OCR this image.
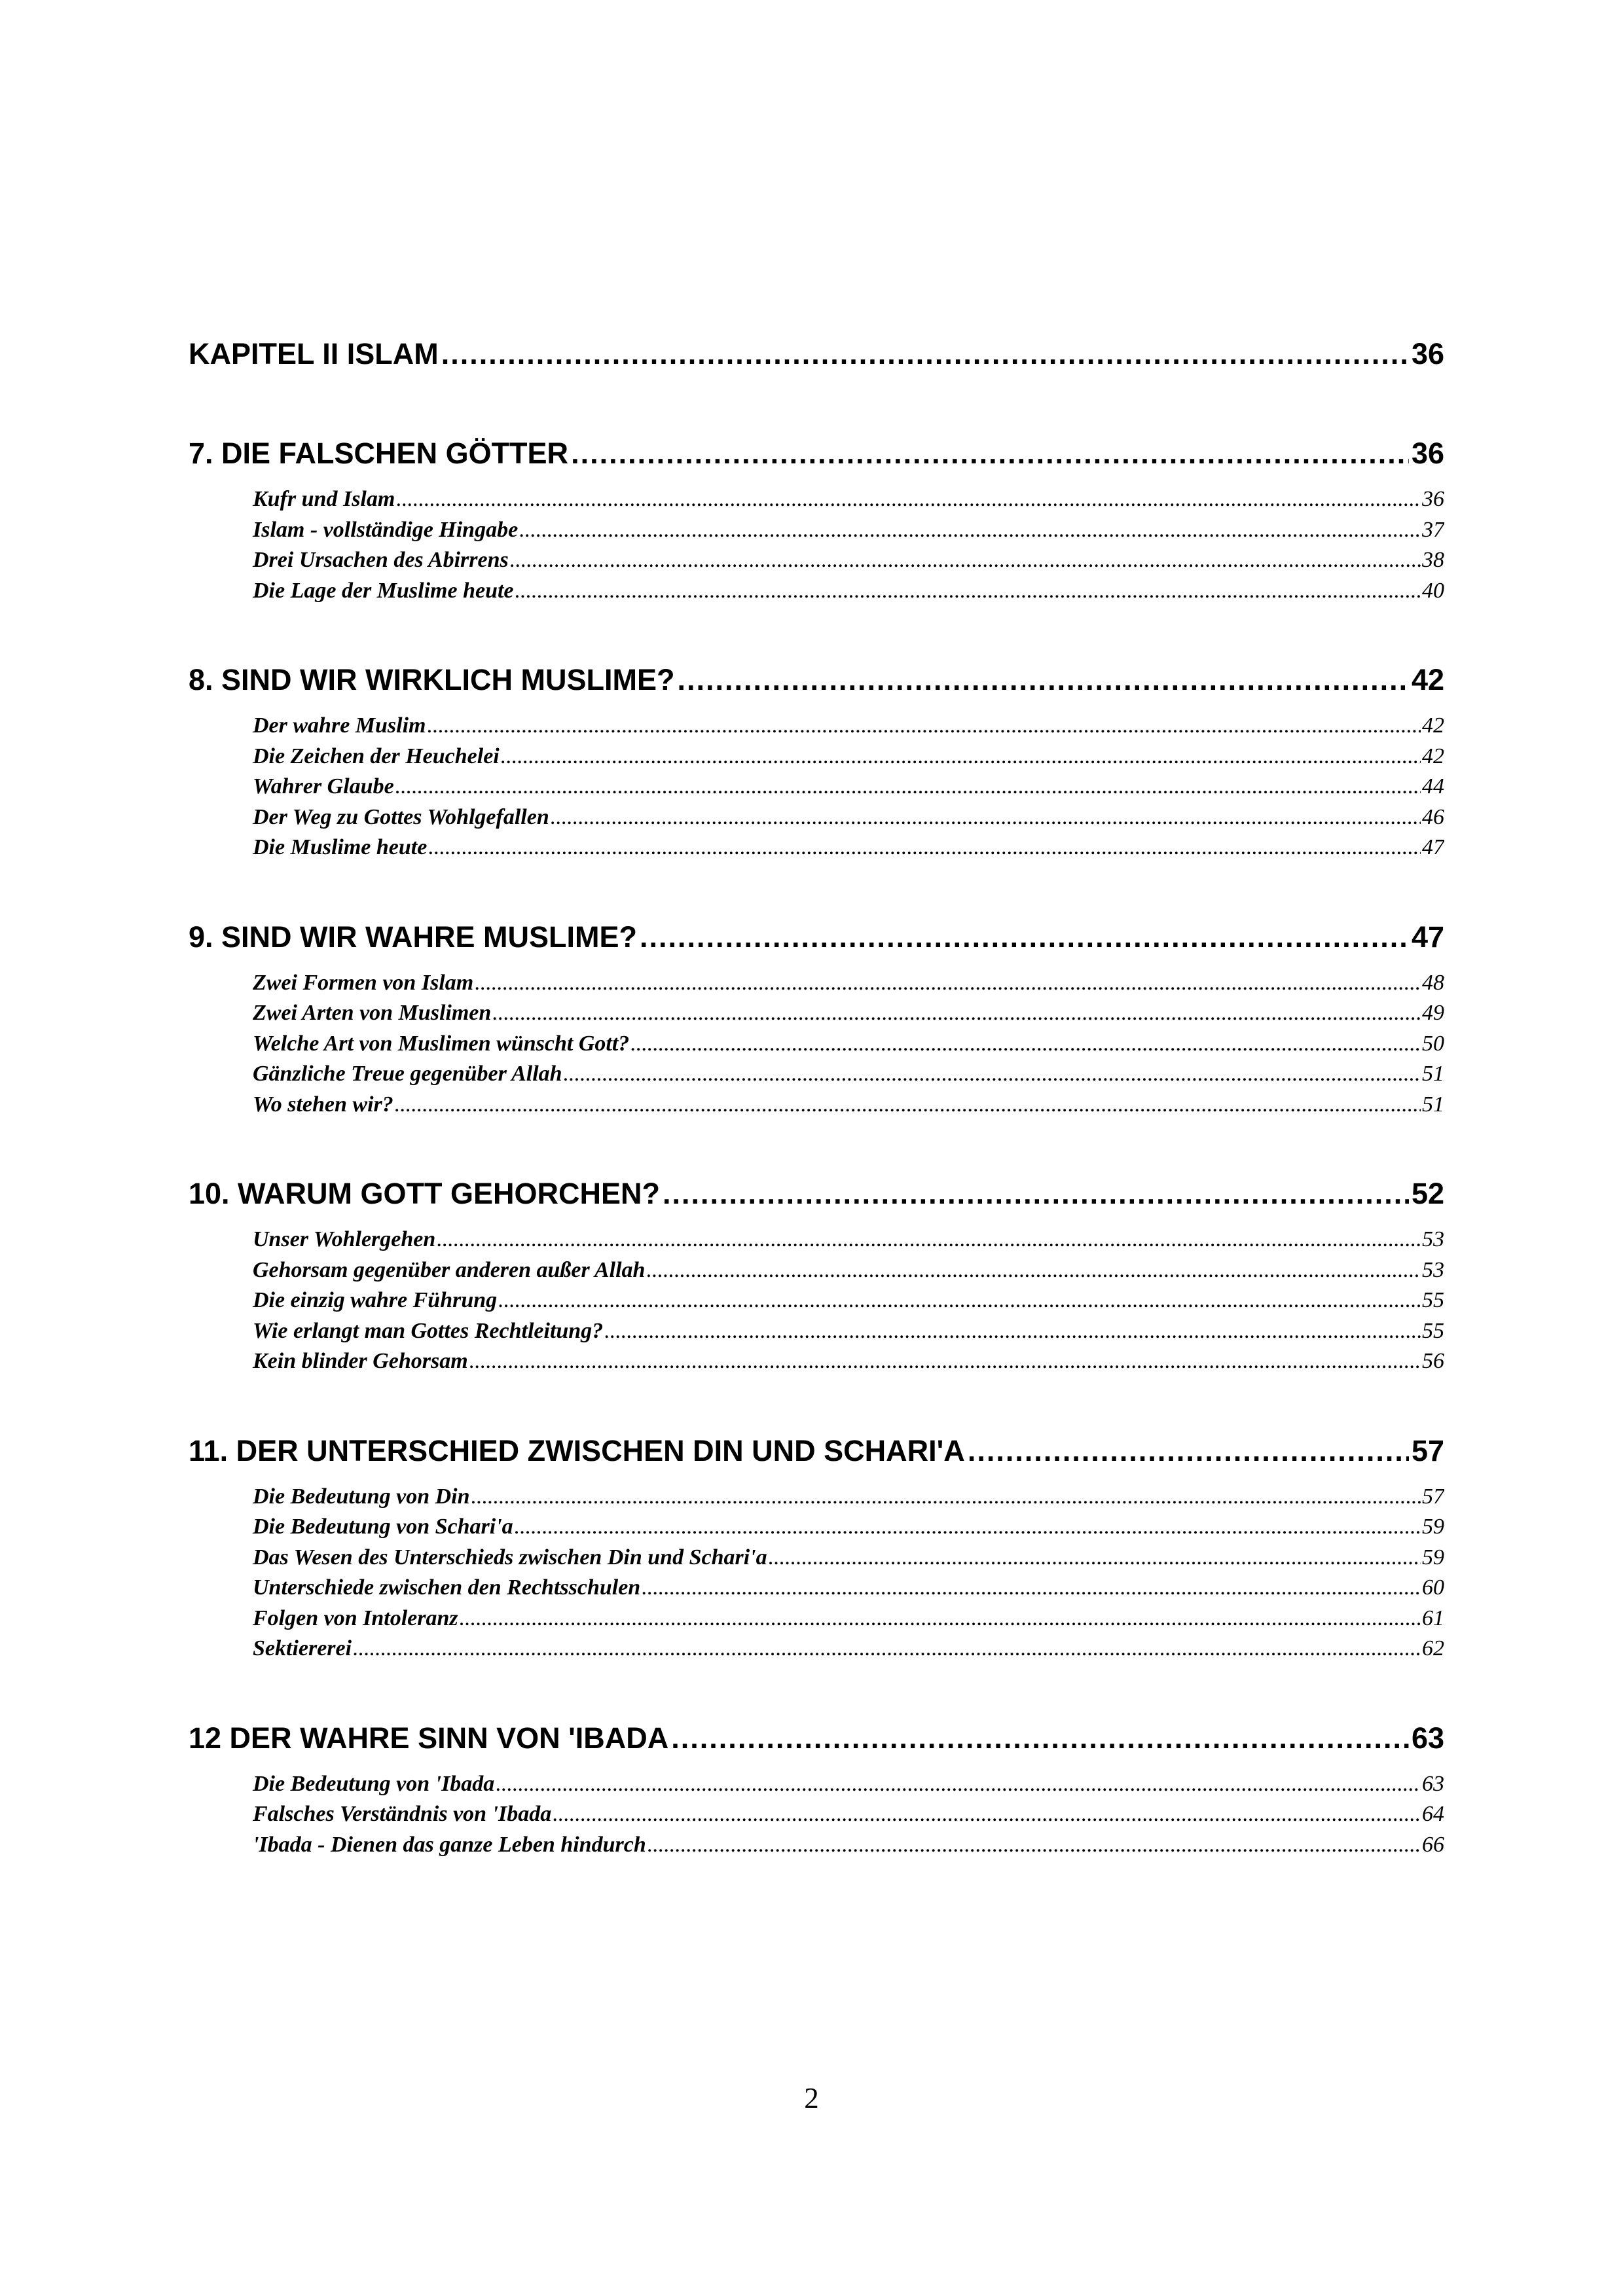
KAPITEL II ISLAM .....	36
7. DIE FALSCHEN GÖTTER .....	36
Kufr und Islam .....	36
Islam - vollständige Hingabe .....	37
Drei Ursachen des Abirrens .....	38
Die Lage der Muslime heute .....	40
8. SIND WIR WIRKLICH MUSLIME? .....	42
Der wahre Muslim .....	42
Die Zeichen der Heuchelei .....	42
Wahrer Glaube .....	44
Der Weg zu Gottes Wohlgefallen .....	46
Die Muslime heute .....	47
9. SIND WIR WAHRE MUSLIME? .....	47
Zwei Formen von Islam .....	48
Zwei Arten von Muslimen .....	49
Welche Art von Muslimen wünscht Gott? .....	50
Gänzliche Treue gegenüber Allah .....	51
Wo stehen wir? .....	51
10. WARUM GOTT GEHORCHEN? .....	52
Unser Wohlergehen .....	53
Gehorsam gegenüber anderen außer Allah .....	53
Die einzig wahre Führung .....	55
Wie erlangt man Gottes Rechtleitung? .....	55
Kein blinder Gehorsam .....	56
11. DER UNTERSCHIED ZWISCHEN DIN UND SCHARI'A .....	57
Die Bedeutung von Din .....	57
Die Bedeutung von Schari'a .....	59
Das Wesen des Unterschieds zwischen Din und Schari'a .....	59
Unterschiede zwischen den Rechtsschulen .....	60
Folgen von Intoleranz .....	61
Sektiererei .....	62
12 DER WAHRE SINN VON 'IBADA .....	63
Die Bedeutung von 'Ibada .....	63
Falsches Verständnis von 'Ibada .....	64
'Ibada - Dienen das ganze Leben hindurch .....	66
2
